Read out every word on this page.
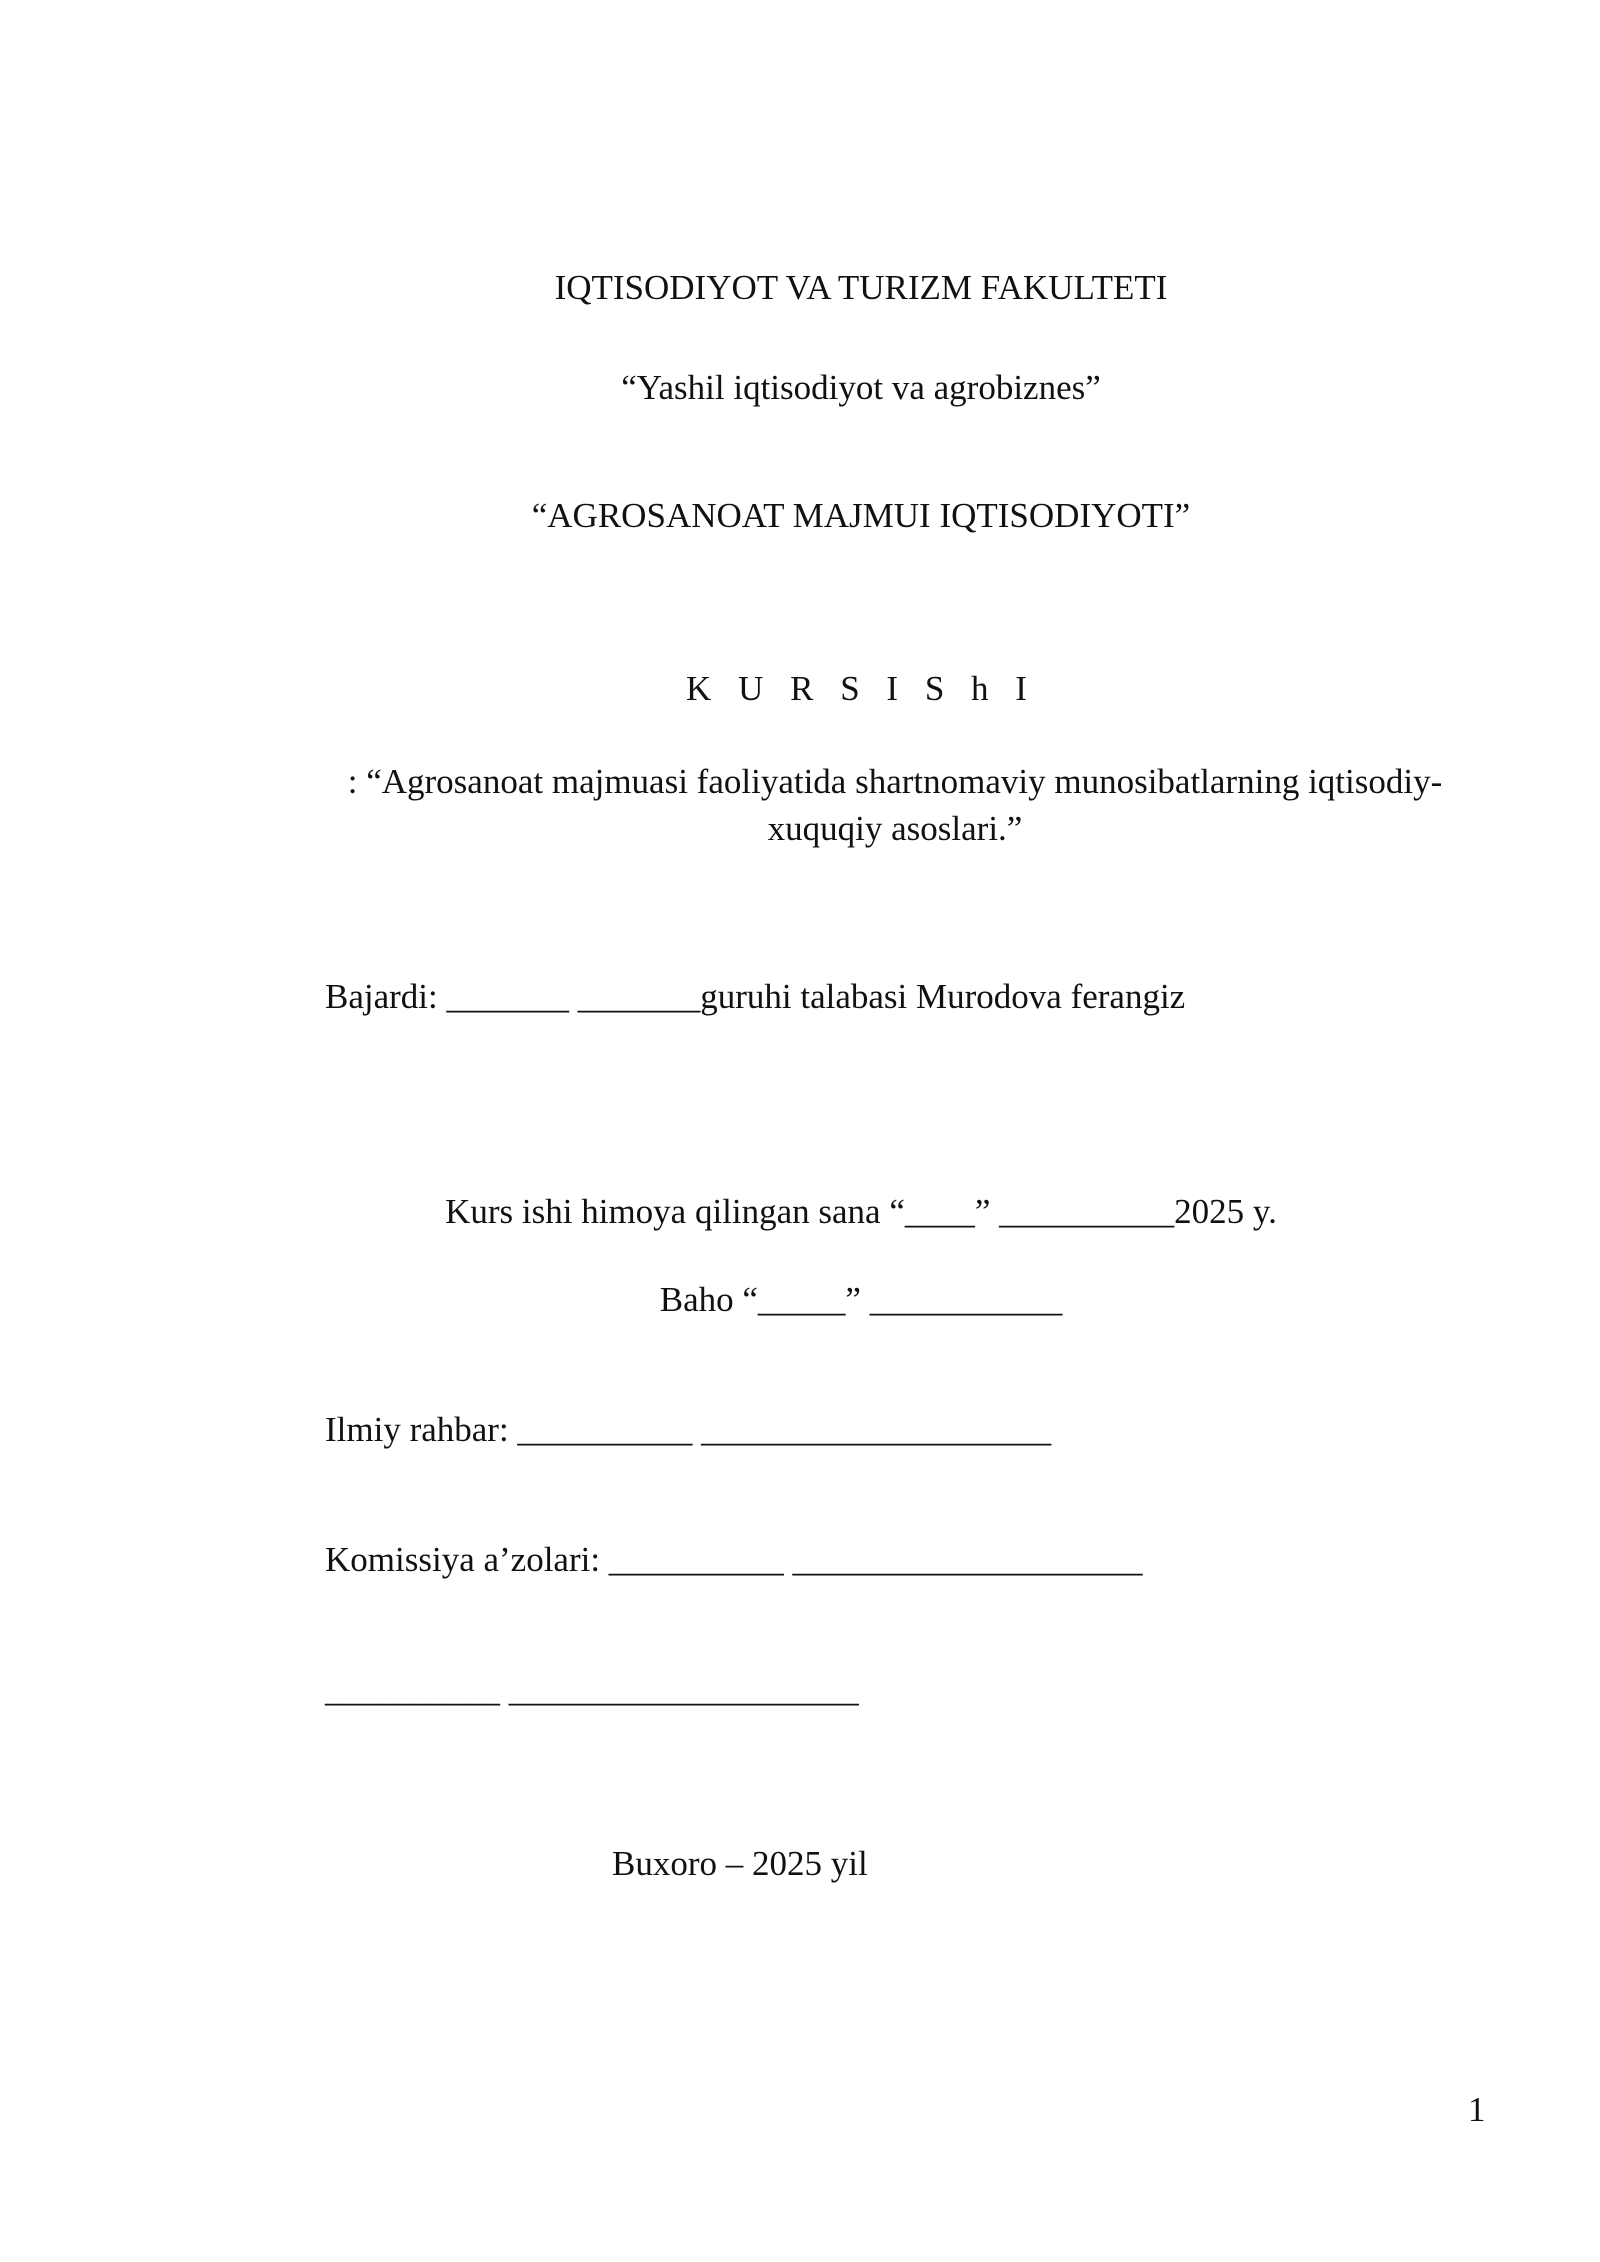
IQTISODIYOT VA TURIZM FAKULTETI
“Yashil iqtisodiyot va agrobiznes”
“AGROSANOAT MAJMUI IQTISODIYOTI”
K U R S I S h I
: “Agrosanoat majmuasi faoliyatida shartnomaviy munosibatlarning iqtisodiy-
xuquqiy asoslari.”
Bajardi: _______ _______guruhi talabasi Murodova ferangiz
Kurs ishi himoya qilingan sana “____” __________2025 y.
Baho “_____” ___________
Ilmiy rahbar: __________ ____________________
Komissiya a’zolari: __________ ____________________
__________ ____________________
Buxoro – 2025 yil
1
